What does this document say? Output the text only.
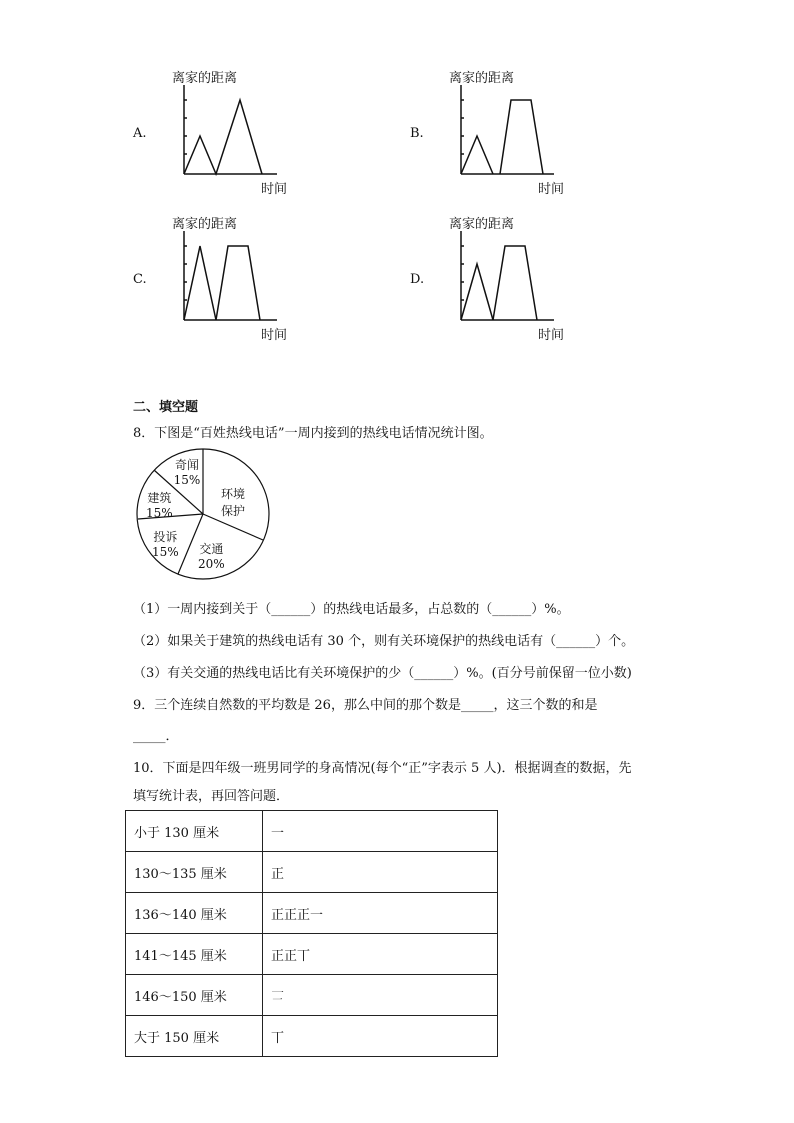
A.
离家的距离
时间
B.
离家的距离
时间
C.
离家的距离
时间
D.
离家的距离
时间
二、填空题
8．下图是“百姓热线电话”一周内接到的热线电话情况统计图。
奇闻
15%
环境
保护
交通
20%
投诉
15%
建筑
15%
（1）一周内接到关于（______）的热线电话最多，占总数的（______）%。
（2）如果关于建筑的热线电话有 30 个，则有关环境保护的热线电话有（______）个。
（3）有关交通的热线电话比有关环境保护的少（______）%。(百分号前保留一位小数)
9．三个连续自然数的平均数是 26，那么中间的那个数是_____，这三个数的和是
_____．
10．下面是四年级一班男同学的身高情况(每个“正”字表示 5 人)．根据调查的数据，先
填写统计表，再回答问题．
小于 130 厘米	一
130～135 厘米	正
136～140 厘米	正正正一
141～145 厘米	正正丅
146～150 厘米	𠄟
大于 150 厘米	丅
